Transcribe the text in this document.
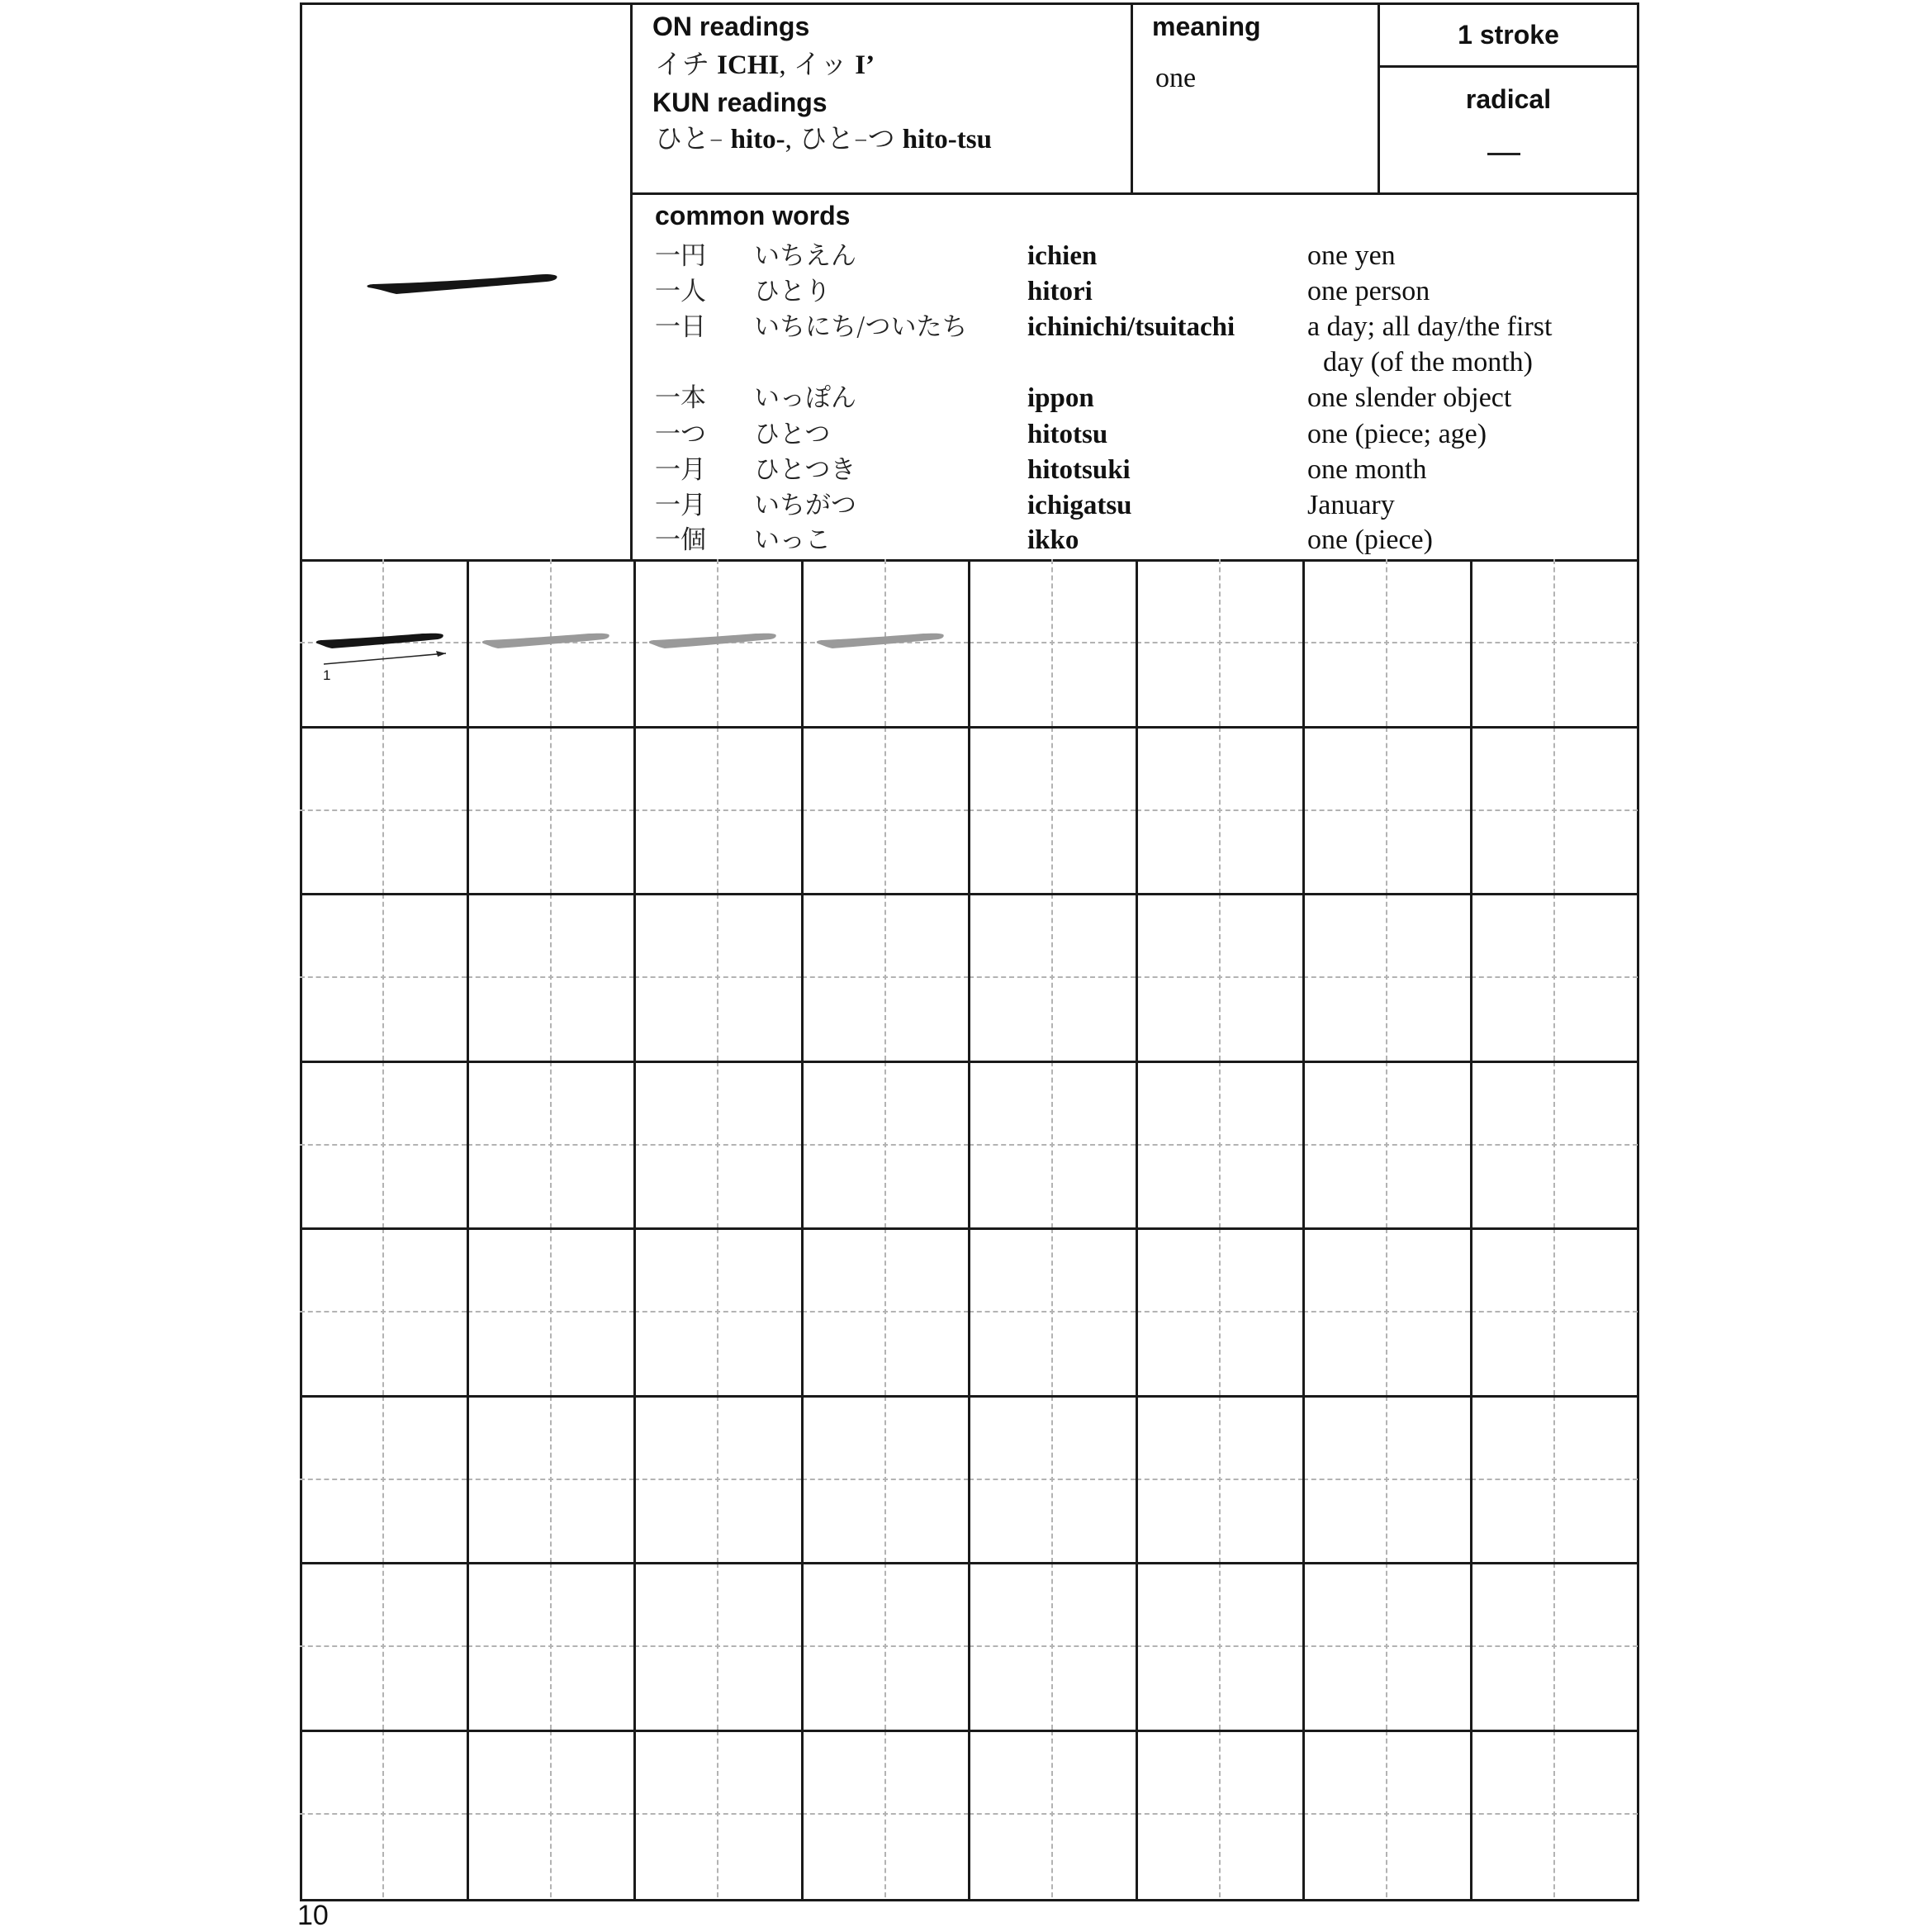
ON readings
イチ ICHI, イッ I’
KUN readings
ひと– hito-, ひと–つ hito-tsu
meaning
one
1 stroke
radical
common words
一円 いちえん	ichien	one yen
一人 ひとり	hitori	one person
一日 いちにち/ついたち ichinichi/tsuitachi	a day; all day/the first
day (of the month)
一本 いっぽん	ippon	one slender object
一つ ひとつ	hitotsu	one (piece; age)
一月 ひとつき	hitotsuki	one month
一月 いちがつ	ichigatsu	January
一個 いっこ	ikko	one (piece)
1
10
